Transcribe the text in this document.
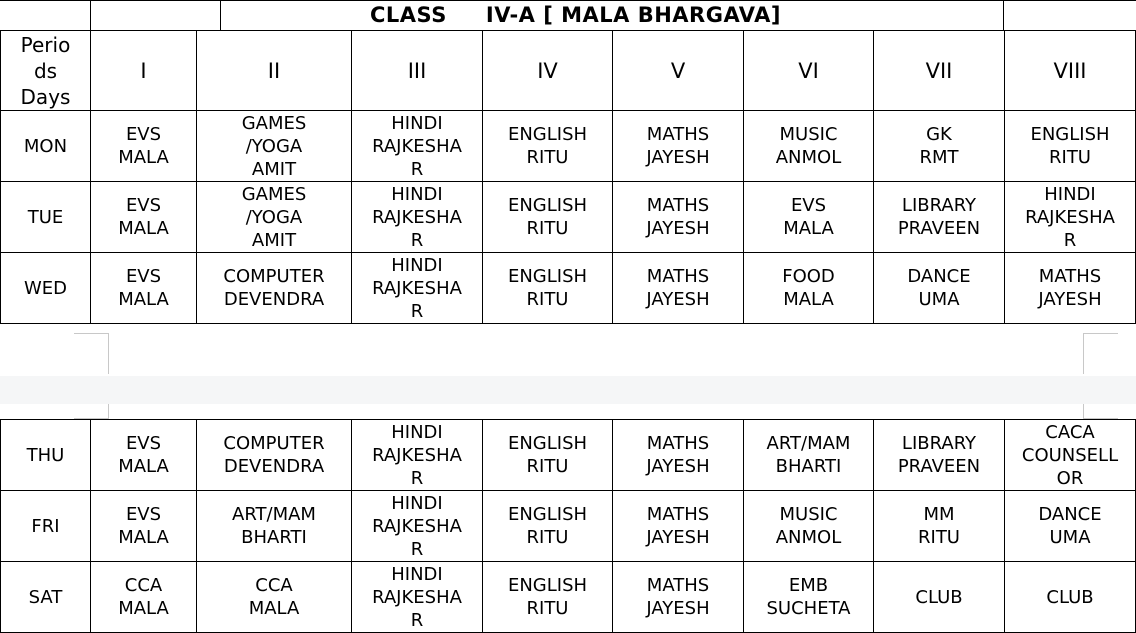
CLASS     IV-A [ MALA BHARGAVA]
Perio
ds
Days	I	II	III	IV	V	VI	VII	VIII

MON	EVS
MALA	GAMES
/YOGA
AMIT	HINDI
RAJKESHA
R	ENGLISH
RITU	MATHS
JAYESH	MUSIC
ANMOL	GK
RMT	ENGLISH
RITU

TUE	EVS
MALA	GAMES
/YOGA
AMIT	HINDI
RAJKESHA
R	ENGLISH
RITU	MATHS
JAYESH	EVS
MALA	LIBRARY
PRAVEEN	HINDI
RAJKESHA
R

WED	EVS
MALA	COMPUTER
DEVENDRA	HINDI
RAJKESHA
R	ENGLISH
RITU	MATHS
JAYESH	FOOD
MALA	DANCE
UMA	MATHS
JAYESH
THU	EVS
MALA	COMPUTER
DEVENDRA	HINDI
RAJKESHA
R	ENGLISH
RITU	MATHS
JAYESH	ART/MAM
BHARTI	LIBRARY
PRAVEEN	CACA
COUNSELL
OR

FRI	EVS
MALA	ART/MAM
BHARTI	HINDI
RAJKESHA
R	ENGLISH
RITU	MATHS
JAYESH	MUSIC
ANMOL	MM
RITU	DANCE
UMA

SAT	CCA
MALA	CCA
MALA	HINDI
RAJKESHA
R	ENGLISH
RITU	MATHS
JAYESH	EMB
SUCHETA	CLUB	CLUB
